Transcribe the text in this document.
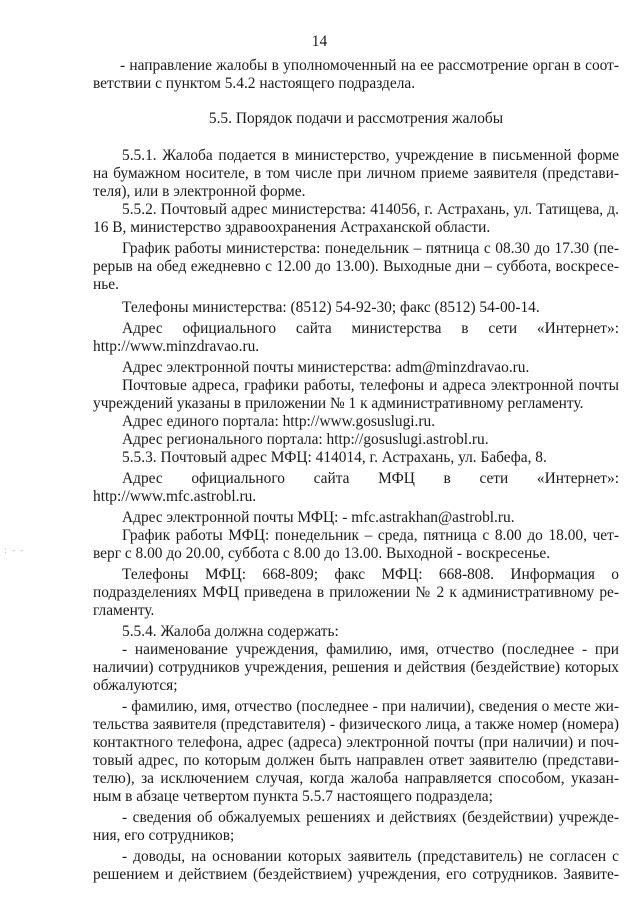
14
: - -
- направление жалобы в уполномоченный на ее рассмотрение орган в соот-
ветствии с пунктом 5.4.2 настоящего подраздела.
5.5. Порядок подачи и рассмотрения жалобы
5.5.1. Жалоба подается в министерство, учреждение в письменной форме
на бумажном носителе, в том числе при личном приеме заявителя (представи-
теля), или в электронной форме.
5.5.2. Почтовый адрес министерства: 414056, г. Астрахань, ул. Татищева, д.
16 В, министерство здравоохранения Астраханской области.
График работы министерства: понедельник – пятница с 08.30 до 17.30 (пе-
рерыв на обед ежедневно с 12.00 до 13.00). Выходные дни – суббота, воскресе-
нье.
Телефоны министерства: (8512) 54-92-30; факс (8512) 54-00-14.
Адрес официального сайта министерства в сети «Интернет»:
http://www.minzdravao.ru.
Адрес электронной почты министерства: adm@minzdravao.ru.
Почтовые адреса, графики работы, телефоны и адреса электронной почты
учреждений указаны в приложении № 1 к административному регламенту.
Адрес единого портала: http://www.gosuslugi.ru.
Адрес регионального портала: http://gosuslugi.astrobl.ru.
5.5.3. Почтовый адрес МФЦ: 414014, г. Астрахань, ул. Бабефа, 8.
Адрес официального сайта МФЦ в сети «Интернет»:
http://www.mfc.astrobl.ru.
Адрес электронной почты МФЦ: - mfc.astrakhan@astrobl.ru.
График работы МФЦ: понедельник – среда, пятница с 8.00 до 18.00, чет-
верг с 8.00 до 20.00, суббота с 8.00 до 13.00. Выходной - воскресенье.
Телефоны МФЦ: 668-809; факс МФЦ: 668-808. Информация о
подразделениях МФЦ приведена в приложении № 2 к административному ре-
гламенту.
5.5.4. Жалоба должна содержать:
- наименование учреждения, фамилию, имя, отчество (последнее - при
наличии) сотрудников учреждения, решения и действия (бездействие) которых
обжалуются;
- фамилию, имя, отчество (последнее - при наличии), сведения о месте жи-
тельства заявителя (представителя) - физического лица, а также номер (номера)
контактного телефона, адрес (адреса) электронной почты (при наличии) и поч-
товый адрес, по которым должен быть направлен ответ заявителю (представи-
телю), за исключением случая, когда жалоба направляется способом, указан-
ным в абзаце четвертом пункта 5.5.7 настоящего подраздела;
- сведения об обжалуемых решениях и действиях (бездействии) учрежде-
ния, его сотрудников;
- доводы, на основании которых заявитель (представитель) не согласен с
решением и действием (бездействием) учреждения, его сотрудников. Заявите-
